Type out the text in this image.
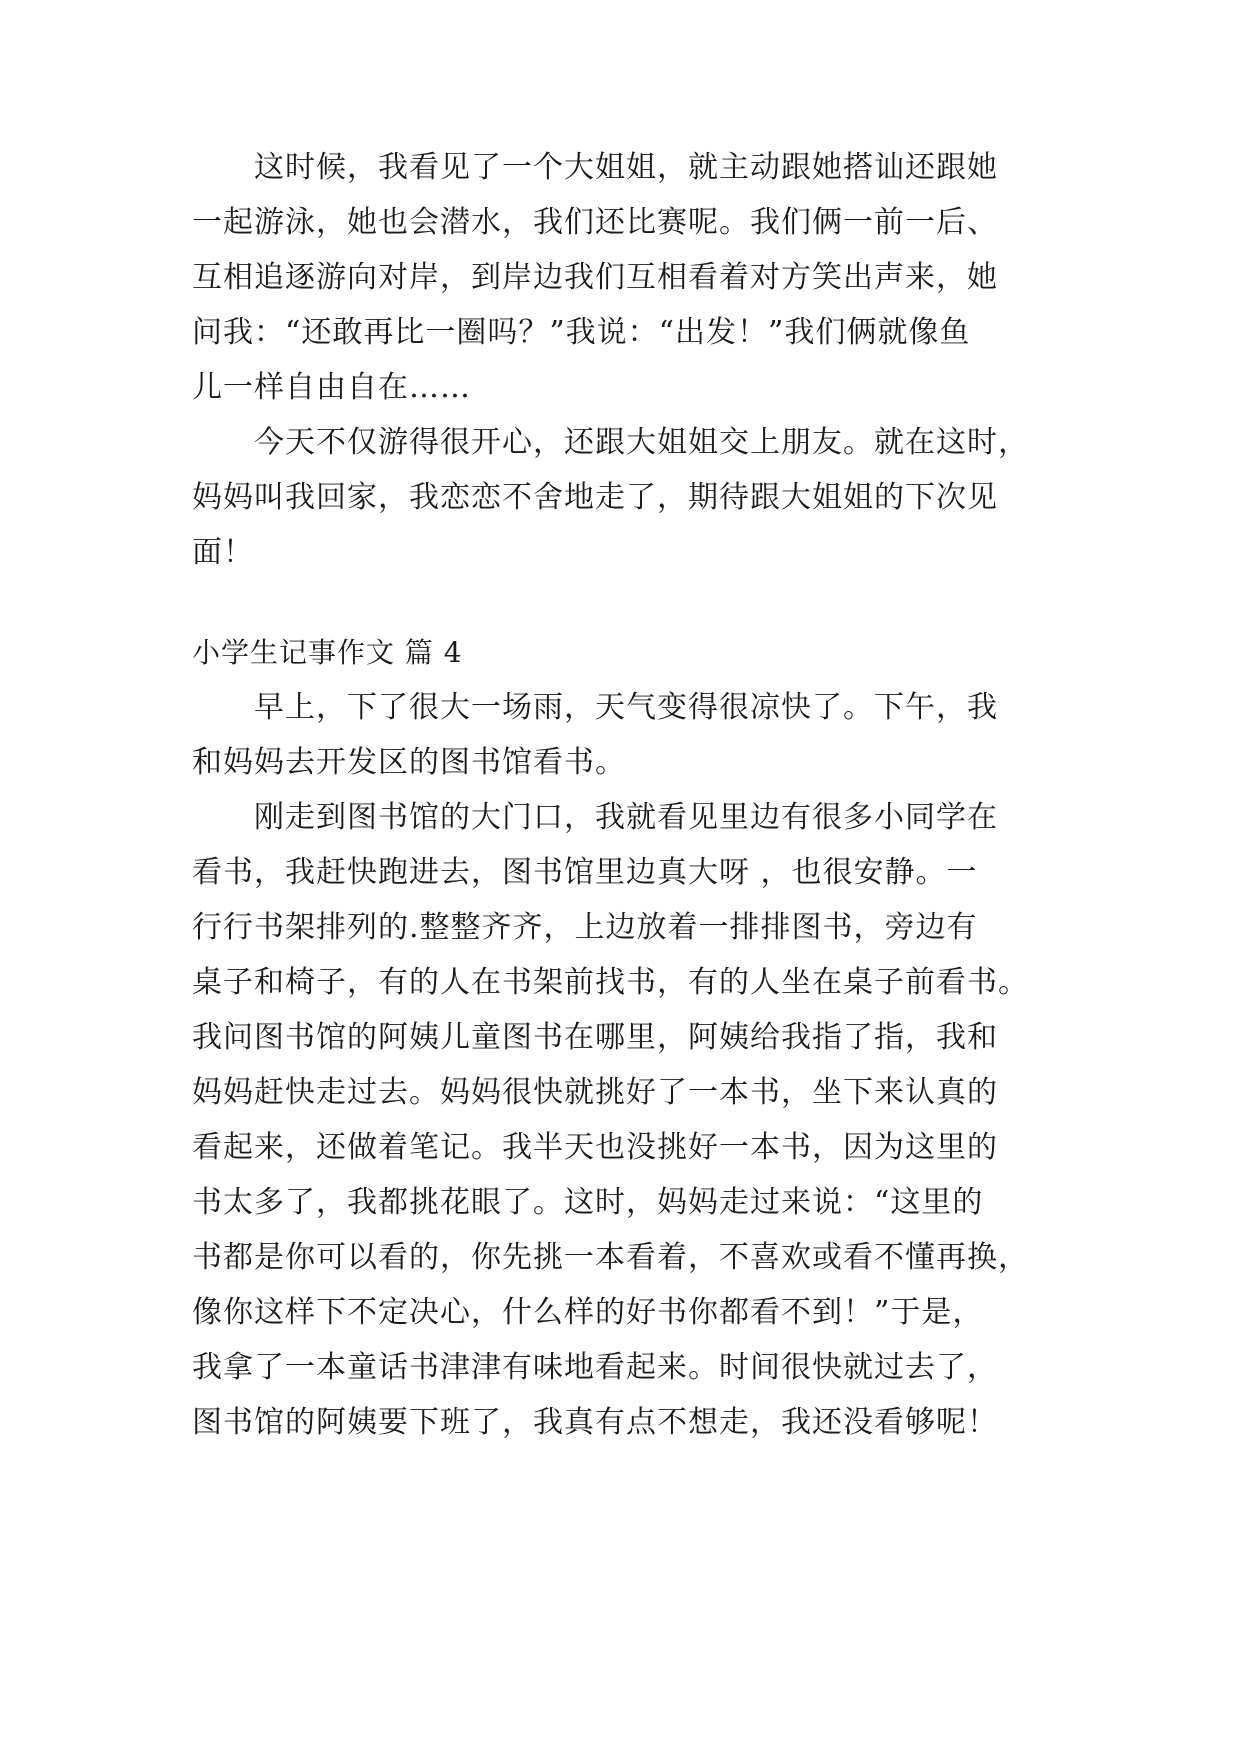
这时候，我看见了一个大姐姐，就主动跟她搭讪还跟她
一起游泳，她也会潜水，我们还比赛呢。我们俩一前一后、
互相追逐游向对岸，到岸边我们互相看着对方笑出声来，她
问我：“还敢再比一圈吗？”我说：“出发！”我们俩就像鱼
儿一样自由自在……
今天不仅游得很开心，还跟大姐姐交上朋友。就在这时，
妈妈叫我回家，我恋恋不舍地走了，期待跟大姐姐的下次见
面！
小学生记事作文 篇 4
早上，下了很大一场雨，天气变得很凉快了。下午，我
和妈妈去开发区的图书馆看书。
刚走到图书馆的大门口，我就看见里边有很多小同学在
看书，我赶快跑进去，图书馆里边真大呀 ，也很安静。一
行行书架排列的.整整齐齐，上边放着一排排图书，旁边有
桌子和椅子，有的人在书架前找书，有的人坐在桌子前看书。
我问图书馆的阿姨儿童图书在哪里，阿姨给我指了指，我和
妈妈赶快走过去。妈妈很快就挑好了一本书，坐下来认真的
看起来，还做着笔记。我半天也没挑好一本书，因为这里的
书太多了，我都挑花眼了。这时，妈妈走过来说：“这里的
书都是你可以看的，你先挑一本看着，不喜欢或看不懂再换，
像你这样下不定决心，什么样的好书你都看不到！”于是，
我拿了一本童话书津津有味地看起来。时间很快就过去了，
图书馆的阿姨要下班了，我真有点不想走，我还没看够呢！
